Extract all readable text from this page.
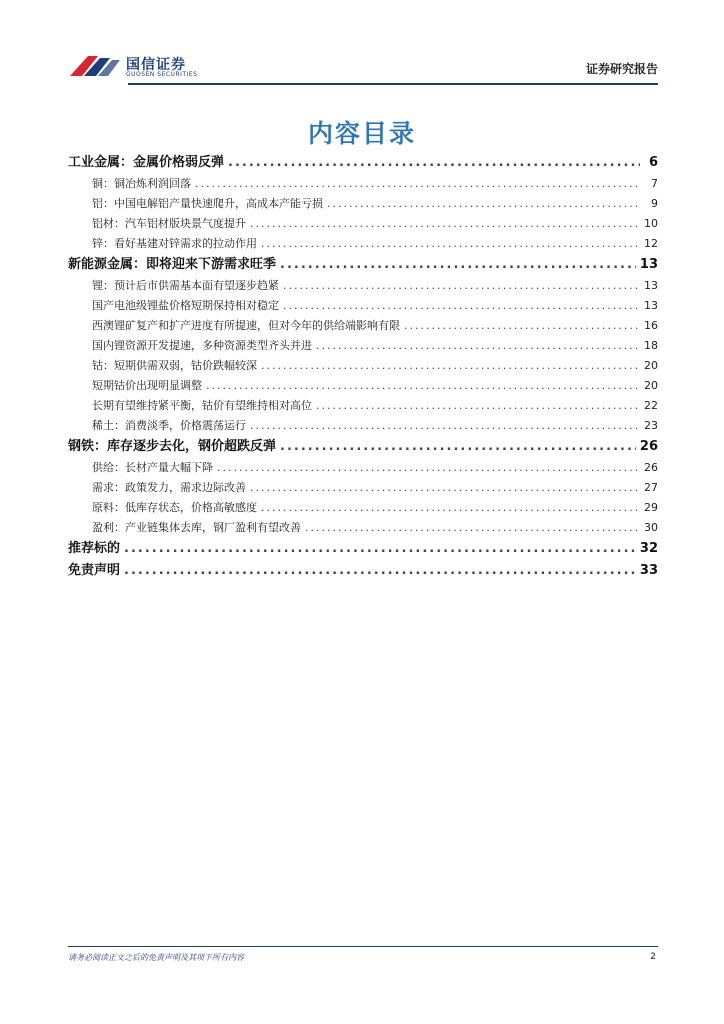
国信证券
GUOSEN SECURITIES	证券研究报告
内容目录
工业金属：金属价格弱反弹 .....	6
铜：铜冶炼利润回落 .....	7
铝：中国电解铝产量快速爬升，高成本产能亏损 .....	9
铝材：汽车铝材版块景气度提升 .....	10
锌：看好基建对锌需求的拉动作用 .....	12
新能源金属：即将迎来下游需求旺季 .....	13
锂：预计后市供需基本面有望逐步趋紧 .....	13
国产电池级锂盐价格短期保持相对稳定 .....	13
西澳锂矿复产和扩产进度有所提速，但对今年的供给端影响有限 .....	16
国内锂资源开发提速，多种资源类型齐头并进 .....	18
钴：短期供需双弱，钴价跌幅较深 .....	20
短期钴价出现明显调整 .....	20
长期有望维持紧平衡，钴价有望维持相对高位 .....	22
稀土：消费淡季，价格震荡运行 .....	23
钢铁：库存逐步去化，钢价超跌反弹 .....	26
供给：长材产量大幅下降 .....	26
需求：政策发力，需求边际改善 .....	27
原料：低库存状态，价格高敏感度 .....	29
盈利：产业链集体去库，钢厂盈利有望改善 .....	30
推荐标的 .....	32
免责声明 .....	33
请务必阅读正文之后的免责声明及其项下所有内容	2
